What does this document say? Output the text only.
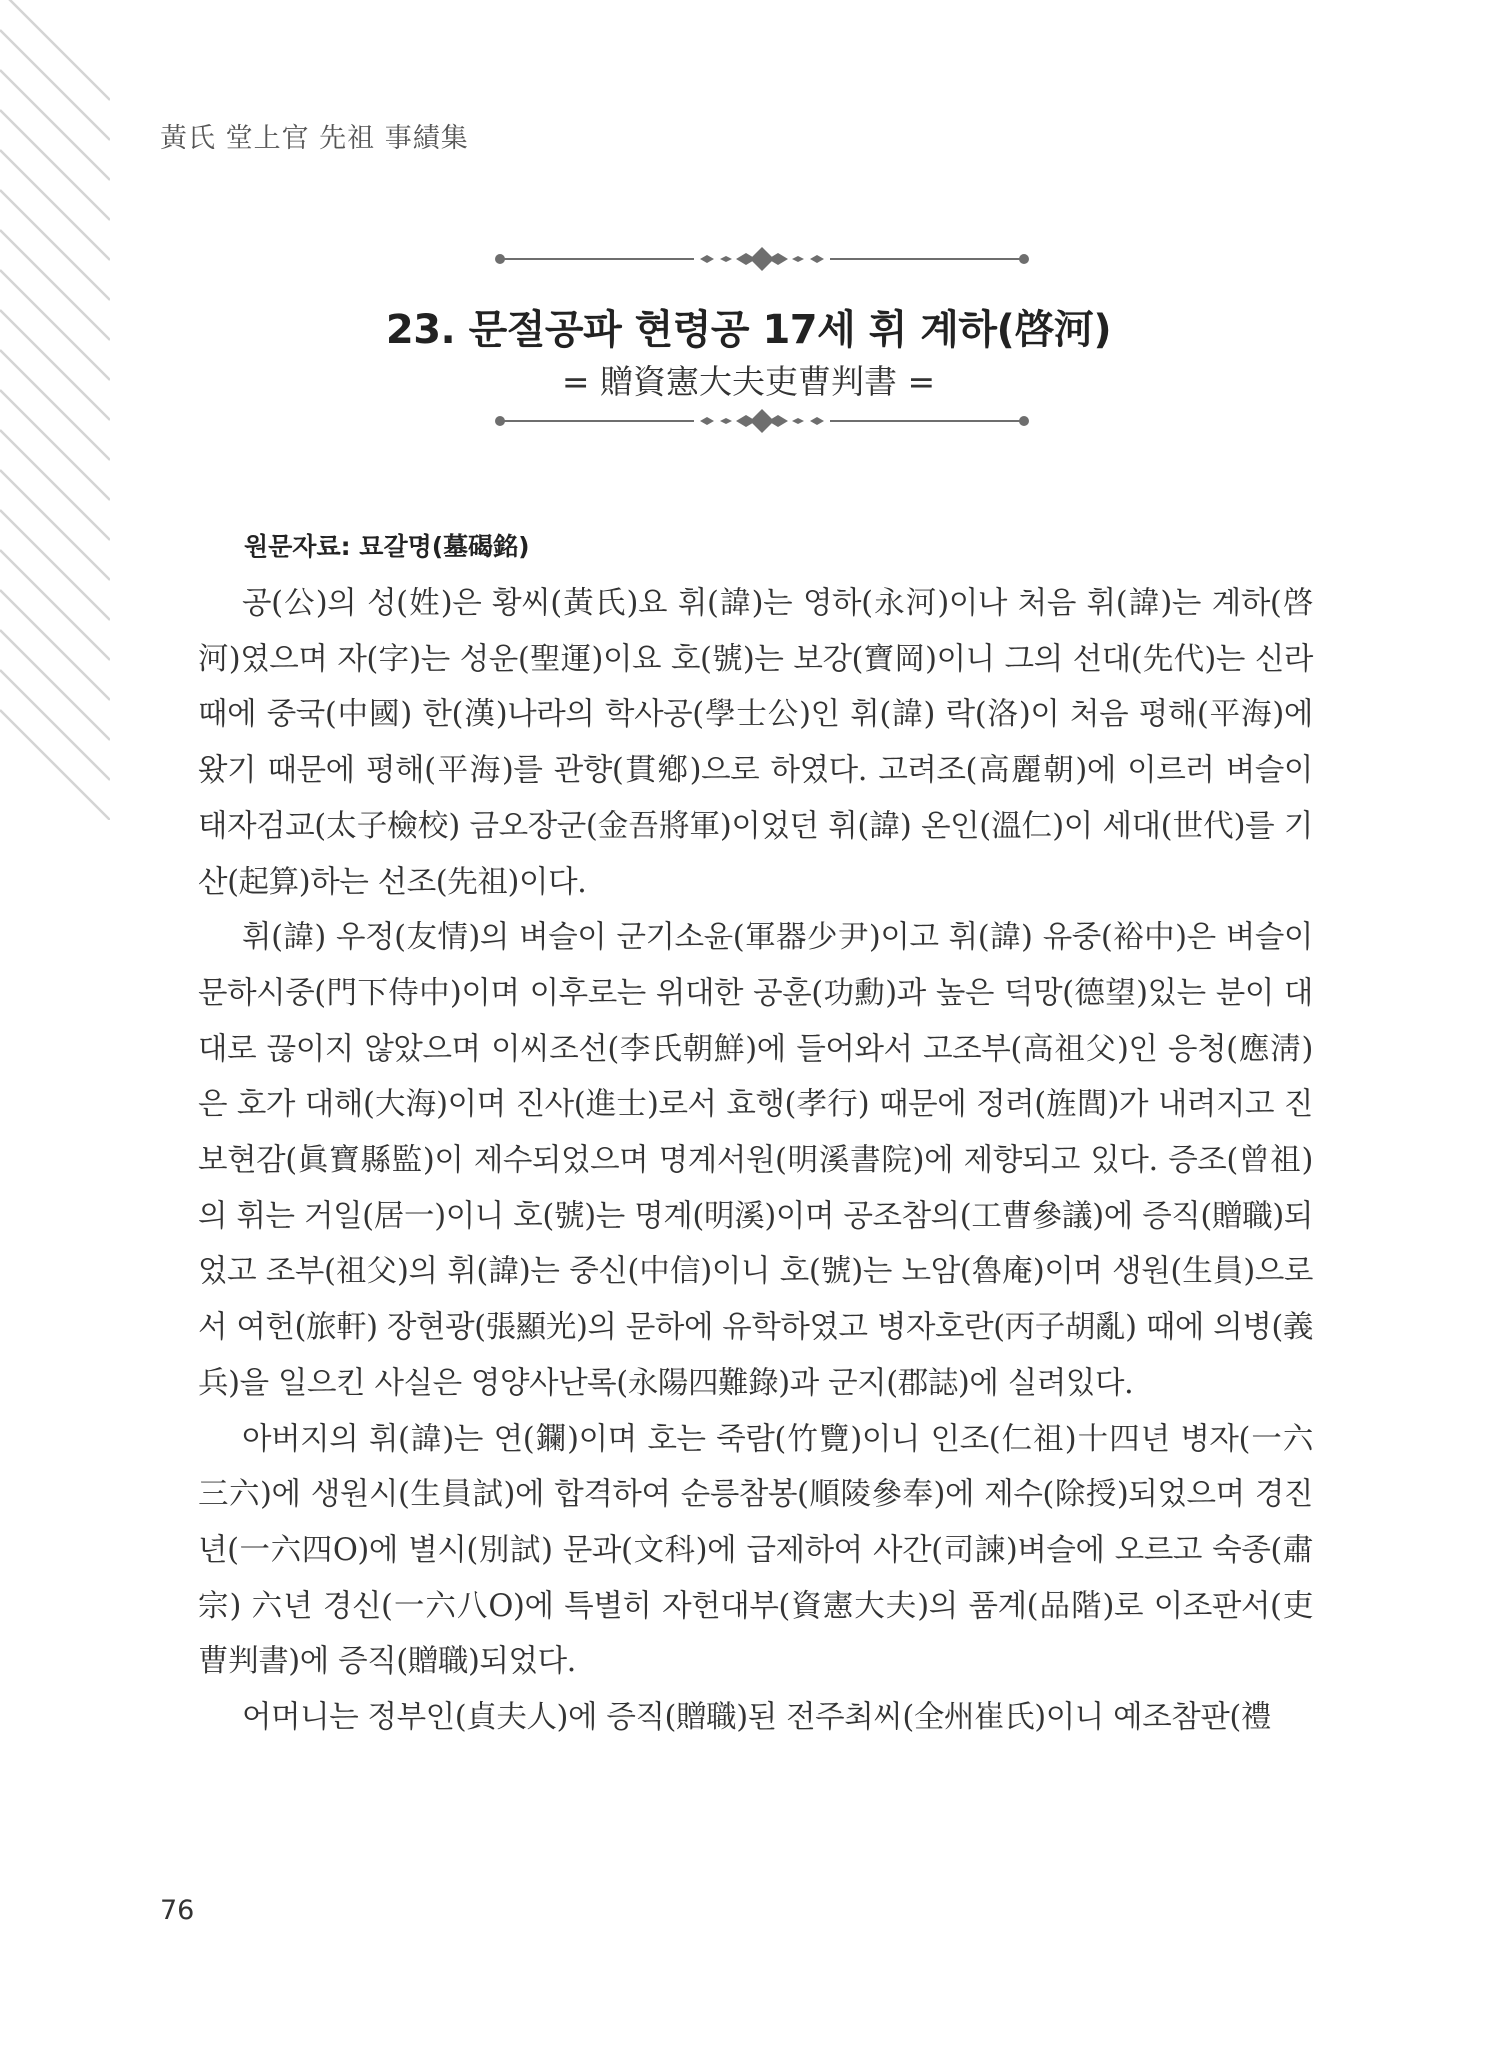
黃氏 堂上官 先祖 事績集
23. 문절공파 현령공 17세 휘 계하(啓河)
= 贈資憲大夫吏曹判書 =
원문자료: 묘갈명(墓碣銘)

공(公)의 성(姓)은 황씨(黃氏)요 휘(諱)는 영하(永河)이나 처음 휘(諱)는 계하(啓河)였으며 자(字)는 성운(聖運)이요 호(號)는 보강(寶岡)이니 그의 선대(先代)는 신라때에 중국(中國) 한(漢)나라의 학사공(學士公)인 휘(諱) 락(洛)이 처음 평해(平海)에 왔기 때문에 평해(平海)를 관향(貫鄕)으로 하였다. 고려조(高麗朝)에 이르러 벼슬이 태자검교(太子檢校) 금오장군(金吾將軍)이었던 휘(諱) 온인(溫仁)이 세대(世代)를 기산(起算)하는 선조(先祖)이다.

휘(諱) 우정(友情)의 벼슬이 군기소윤(軍器少尹)이고 휘(諱) 유중(裕中)은 벼슬이 문하시중(門下侍中)이며 이후로는 위대한 공훈(功勳)과 높은 덕망(德望)있는 분이 대대로 끊이지 않았으며 이씨조선(李氏朝鮮)에 들어와서 고조부(高祖父)인 응청(應淸)은 호가 대해(大海)이며 진사(進士)로서 효행(孝行) 때문에 정려(旌閭)가 내려지고 진보현감(眞寶縣監)이 제수되었으며 명계서원(明溪書院)에 제향되고 있다. 증조(曾祖)의 휘는 거일(居一)이니 호(號)는 명계(明溪)이며 공조참의(工曹參議)에 증직(贈職)되었고 조부(祖父)의 휘(諱)는 중신(中信)이니 호(號)는 노암(魯庵)이며 생원(生員)으로서 여헌(旅軒) 장현광(張顯光)의 문하에 유학하였고 병자호란(丙子胡亂) 때에 의병(義兵)을 일으킨 사실은 영양사난록(永陽四難錄)과 군지(郡誌)에 실려있다.

아버지의 휘(諱)는 연(鑭)이며 호는 죽람(竹覽)이니 인조(仁祖)十四년 병자(一六三六)에 생원시(生員試)에 합격하여 순릉참봉(順陵參奉)에 제수(除授)되었으며 경진년(一六四O)에 별시(別試) 문과(文科)에 급제하여 사간(司諫)벼슬에 오르고 숙종(肅宗) 六년 경신(一六八O)에 특별히 자헌대부(資憲大夫)의 품계(品階)로 이조판서(吏曹判書)에 증직(贈職)되었다.

어머니는 정부인(貞夫人)에 증직(贈職)된 전주최씨(全州崔氏)이니 예조참판(禮

76
